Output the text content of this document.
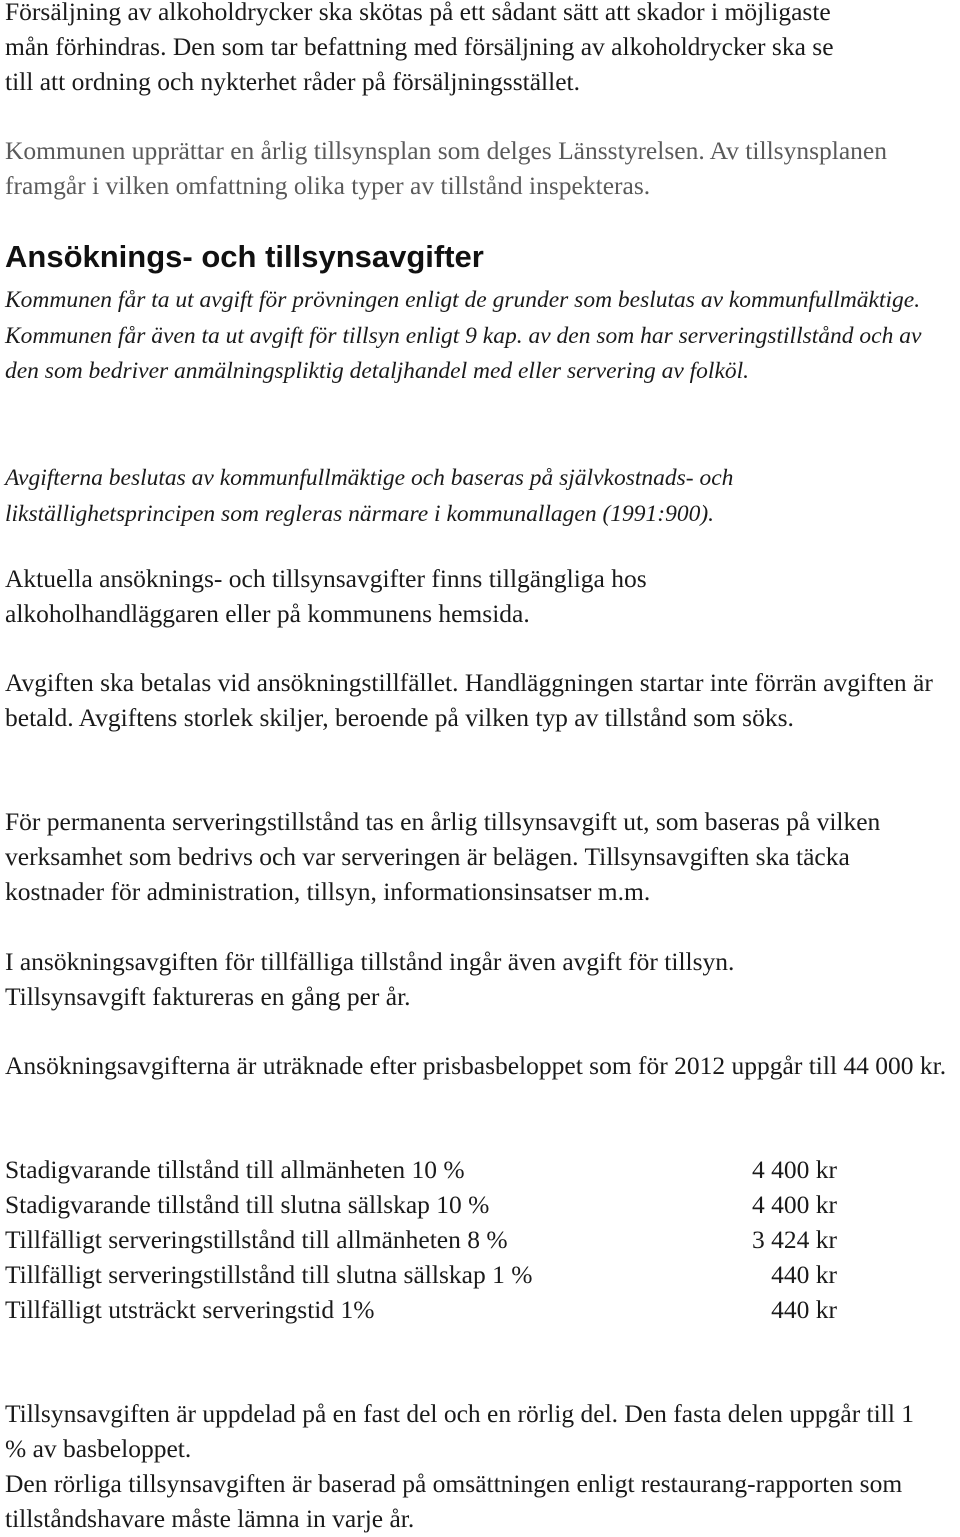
Försäljning av alkoholdrycker ska skötas på ett sådant sätt att skador i möjligaste mån förhindras. Den som tar befattning med försäljning av alkoholdrycker ska se till att ordning och nykterhet råder på försäljningsstället.

Kommunen upprättar en årlig tillsynsplan som delges Länsstyrelsen. Av tillsynsplanen framgår i vilken omfattning olika typer av tillstånd inspekteras.

Ansöknings- och tillsynsavgifter

Kommunen får ta ut avgift för prövningen enligt de grunder som beslutas av kommunfullmäktige. Kommunen får även ta ut avgift för tillsyn enligt 9 kap. av den som har serveringstillstånd och av den som bedriver anmälningspliktig detaljhandel med eller servering av folköl.

Avgifterna beslutas av kommunfullmäktige och baseras på självkostnads- och likställighetsprincipen som regleras närmare i kommunallagen (1991:900).

Aktuella ansöknings- och tillsynsavgifter finns tillgängliga hos alkoholhandläggaren eller på kommunens hemsida.

Avgiften ska betalas vid ansökningstillfället. Handläggningen startar inte förrän avgiften är betald. Avgiftens storlek skiljer, beroende på vilken typ av tillstånd som söks.

För permanenta serveringstillstånd tas en årlig tillsynsavgift ut, som baseras på vilken verksamhet som bedrivs och var serveringen är belägen. Tillsynsavgiften ska täcka kostnader för administration, tillsyn, informationsinsatser m.m.

I ansökningsavgiften för tillfälliga tillstånd ingår även avgift för tillsyn. Tillsynsavgift faktureras en gång per år.

Ansökningsavgifterna är uträknade efter prisbasbeloppet som för 2012 uppgår till 44 000 kr.

Stadigvarande tillstånd till allmänheten 10 %	4 400 kr
Stadigvarande tillstånd till slutna sällskap 10 %	4 400 kr
Tillfälligt serveringstillstånd till allmänheten 8 %	3 424 kr
Tillfälligt serveringstillstånd till slutna sällskap 1 %	440 kr
Tillfälligt utsträckt serveringstid 1%	440 kr

Tillsynsavgiften är uppdelad på en fast del och en rörlig del. Den fasta delen uppgår till 1 % av basbeloppet.

Den rörliga tillsynsavgiften är baserad på omsättningen enligt restaurang-rapporten som tillståndshavare måste lämna in varje år.
